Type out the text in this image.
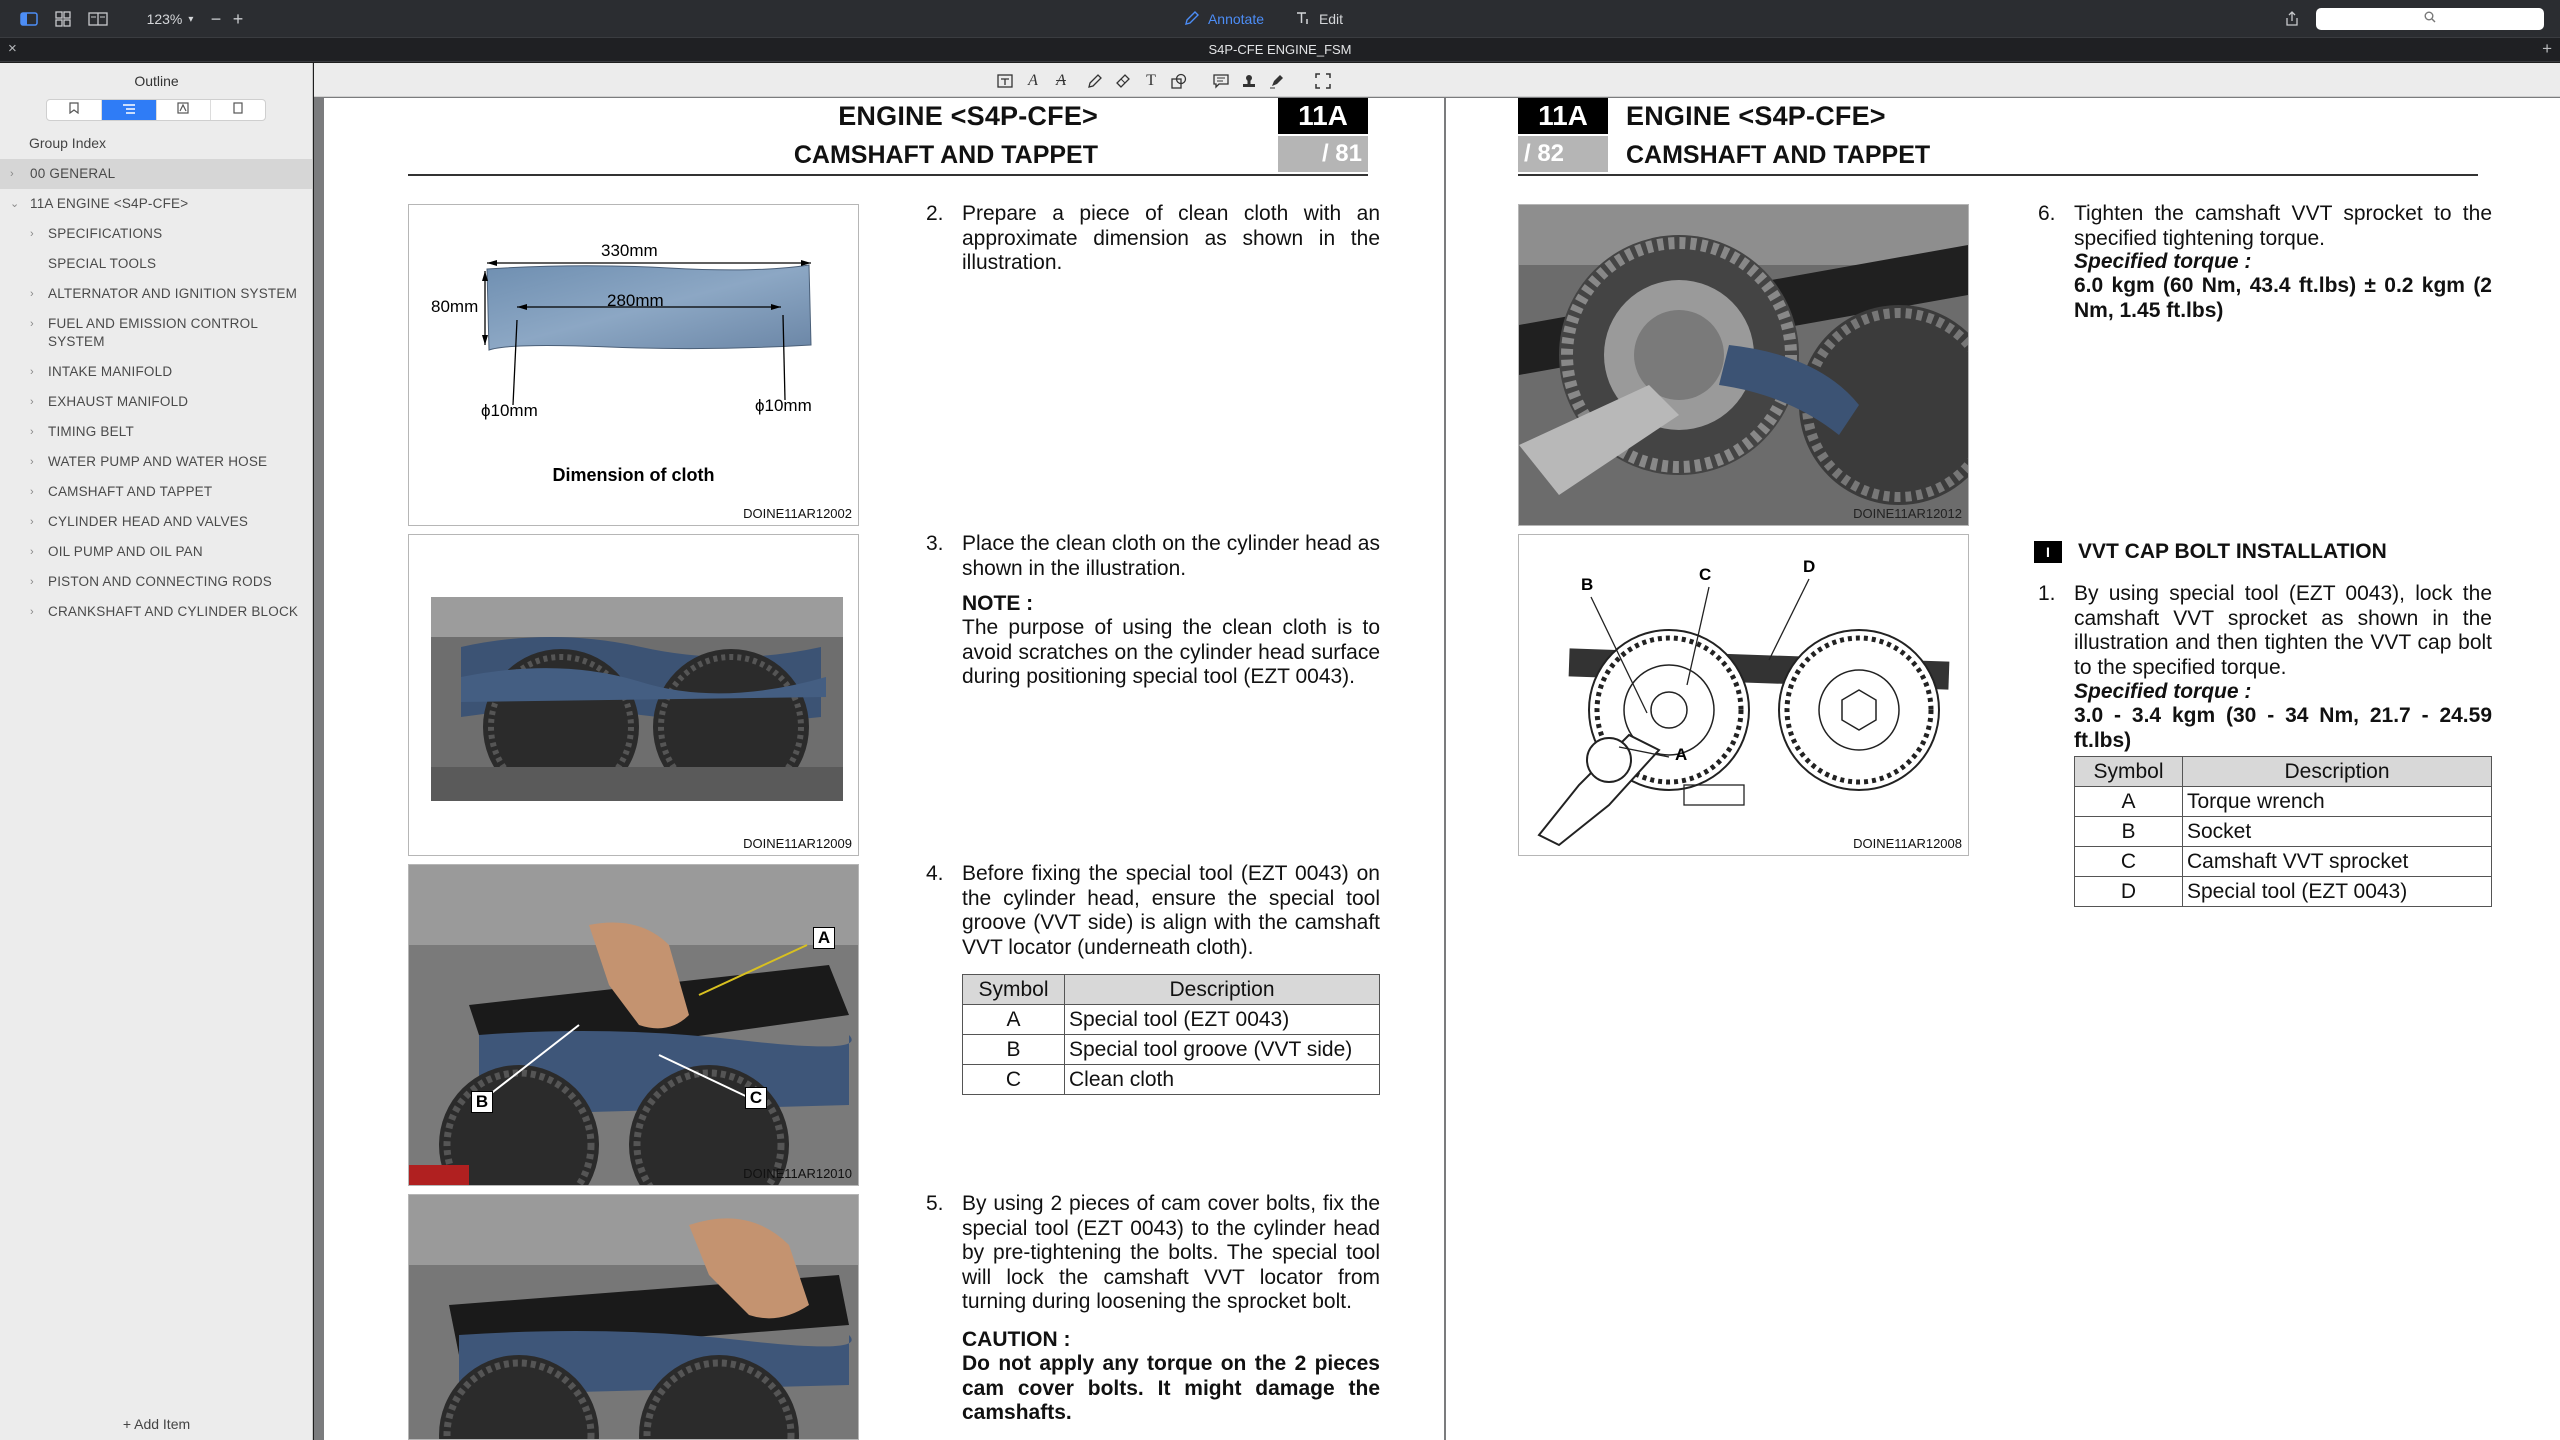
123% ▾ − +	Annotate	Edit
×	S4P-CFE ENGINE_FSM	+
Outline
Group Index
› 00 GENERAL
⌄ 11A ENGINE <S4P-CFE>
› SPECIFICATIONS
SPECIAL TOOLS
› ALTERNATOR AND IGNITION SYSTEM
› FUEL AND EMISSION CONTROL SYSTEM
› INTAKE MANIFOLD
› EXHAUST MANIFOLD
› TIMING BELT
› WATER PUMP AND WATER HOSE
› CAMSHAFT AND TAPPET
› CYLINDER HEAD AND VALVES
› OIL PUMP AND OIL PAN
› PISTON AND CONNECTING RODS
› CRANKSHAFT AND CYLINDER BLOCK
+ Add Item
A A	T
ENGINE <S4P-CFE>
CAMSHAFT AND TAPPET
11A
/ 81
330mm
280mm
80mm
ϕ10mm	ϕ10mm
Dimension of cloth
DOINE11AR12002
DOINE11AR12009
A
B	C
DOINE11AR12010
2. Prepare a piece of clean cloth with an approximate dimension as shown in the illustration.
3. Place the clean cloth on the cylinder head as shown in the illustration.
NOTE :
The purpose of using the clean cloth is to avoid scratches on the cylinder head surface during positioning special tool (EZT 0043).
4. Before fixing the special tool (EZT 0043) on the cylinder head, ensure the special tool groove (VVT side) is align with the camshaft VVT locator (underneath cloth).
Symbol	Description
A	Special tool (EZT 0043)
B	Special tool groove (VVT side)
C	Clean cloth
5. By using 2 pieces of cam cover bolts, fix the special tool (EZT 0043) to the cylinder head by pre-tightening the bolts. The special tool will lock the camshaft VVT locator from turning during loosening the sprocket bolt.
CAUTION :
Do not apply any torque on the 2 pieces cam cover bolts. It might damage the camshafts.
11A
/ 82
ENGINE <S4P-CFE>
CAMSHAFT AND TAPPET
DOINE11AR12012
B
C	D
A
DOINE11AR12008
6. Tighten the camshaft VVT sprocket to the specified tightening torque.
Specified torque :
6.0 kgm (60 Nm, 43.4 ft.lbs) ± 0.2 kgm (2 Nm, 1.45 ft.lbs)
I	VVT CAP BOLT INSTALLATION
1. By using special tool (EZT 0043), lock the camshaft VVT sprocket as shown in the illustration and then tighten the VVT cap bolt to the specified torque.
Specified torque :
3.0 - 3.4 kgm (30 - 34 Nm, 21.7 - 24.59 ft.lbs)
Symbol	Description
A	Torque wrench
B	Socket
C	Camshaft VVT sprocket
D	Special tool (EZT 0043)
